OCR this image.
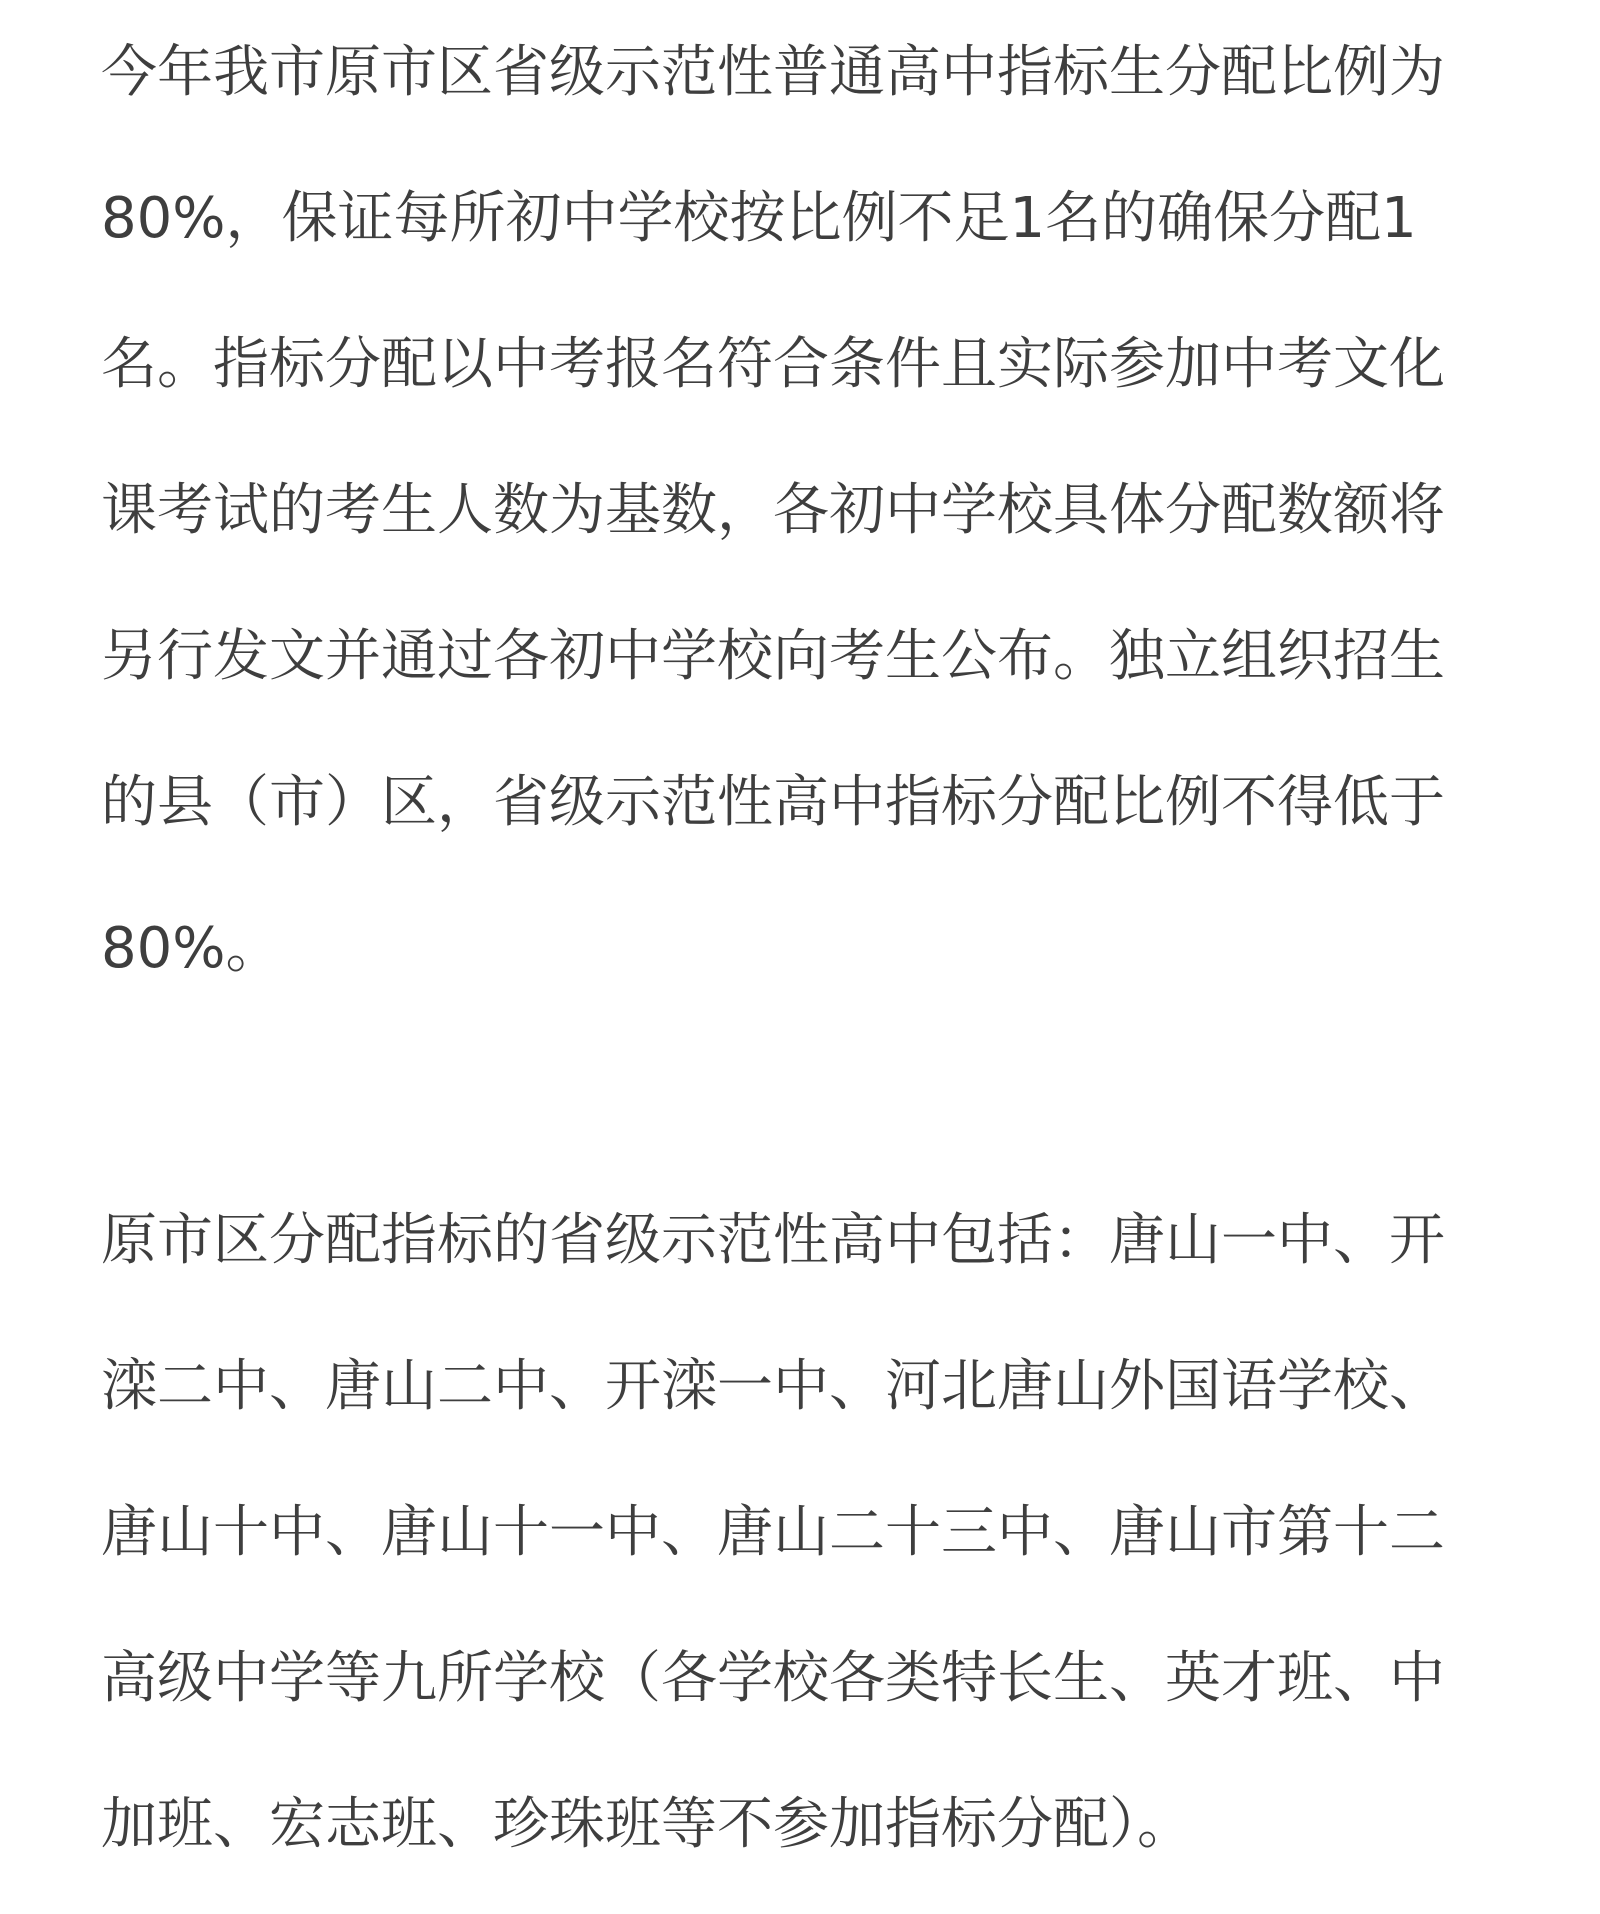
今年我市原市区省级示范性普通高中指标生分配比例为

80%，保证每所初中学校按比例不足1名的确保分配1

名。指标分配以中考报名符合条件且实际参加中考文化

课考试的考生人数为基数，各初中学校具体分配数额将

另行发文并通过各初中学校向考生公布。独立组织招生

的县（市）区，省级示范性高中指标分配比例不得低于

80%。

原市区分配指标的省级示范性高中包括：唐山一中、开

滦二中、唐山二中、开滦一中、河北唐山外国语学校、

唐山十中、唐山十一中、唐山二十三中、唐山市第十二

高级中学等九所学校（各学校各类特长生、英才班、中

加班、宏志班、珍珠班等不参加指标分配）。
